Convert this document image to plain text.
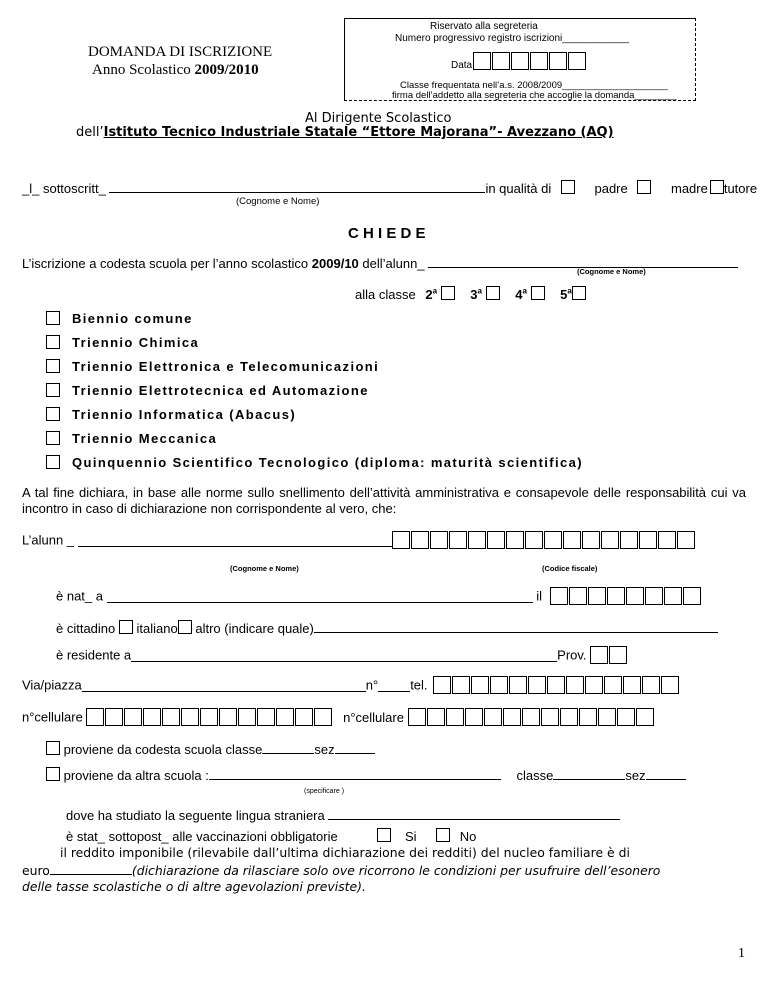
DOMANDA DI ISCRIZIONE
Anno Scolastico 2009/2010
Riservato alla segreteria
Numero progressivo registro iscrizioni____________
Data
Classe frequentata nell’a.s. 2008/2009____________________
firma dell’addetto alla segreteria che accoglie la domanda________
Al Dirigente Scolastico
dell’Istituto Tecnico Industriale Statale “Ettore Majorana”- Avezzano (AQ)
_l_ sottoscritt_	in qualità di	padre	madre tutore
(Cognome e Nome)
C H I E D E
L’iscrizione a codesta scuola per l’anno scolastico 2009/10 dell’alunn_
(Cognome e Nome)
alla classe 2$^a$	3$^a$	4$^a$	5$^a$
Biennio comune
Triennio Chimica
Triennio Elettronica e Telecomunicazioni
Triennio Elettrotecnica ed Automazione
Triennio Informatica (Abacus)
Triennio Meccanica
Quinquennio Scientifico Tecnologico (diploma: maturità scientifica)
A tal fine dichiara, in base alle norme sullo snellimento dell’attività amministrativa e consapevole delle responsabilità cui va incontro in caso di dichiarazione non corrispondente al vero, che:
L’alunn _
(Cognome e Nome)	(Codice fiscale)
è nat_ a	il
è cittadino italiano altro (indicare quale)
è residente a	Prov.
Via/piazza	n° tel.
n°cellulare	n°cellulare
proviene da codesta scuola classe	sez
proviene da altra scuola :	classe	sez
(specificare )
dove ha studiato la seguente lingua straniera
è stat_ sottopost_ alle vaccinazioni obbligatorie	Si	No
il reddito imponibile (rilevabile dall’ultima dichiarazione dei redditi) del nucleo familiare è di
euro	(dichiarazione da rilasciare solo ove ricorrono le condizioni per usufruire dell’esonero
delle tasse scolastiche o di altre agevolazioni previste).
1
